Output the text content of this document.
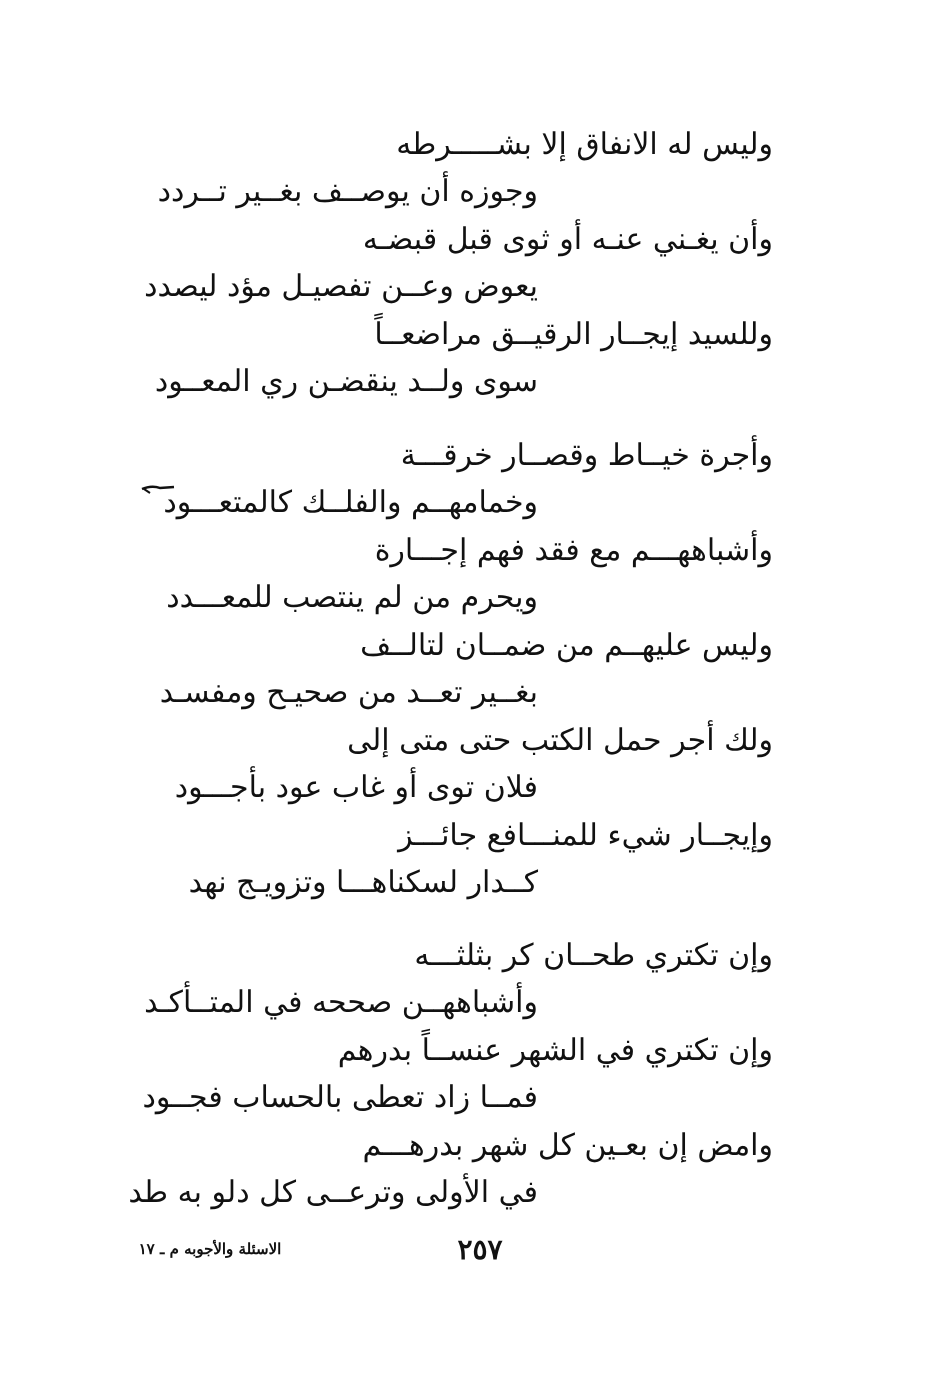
وليس له الانفاق إلا بشـــــرطه
وجوزه أن يوصــف بغــير تــردد
وأن يغـني عنـه أو ثوى قبل قبضـه
يعوض وعــن تفصيـل مؤد ليصدد
وللسيد إيجــار الرقيــق مراضعــاً
سوى ولــد ينقضـن ري المعــود
وأجرة خيــاط وقصــار خرقـــة
وخمامهــم والفلــك كالمتعـــود
وأشباههـــم مع فقد فهم إجـــارة
ويحرم من لم ينتصب للمعـــدد
وليس عليهــم من ضمــان لتالــف
بغــير تعــد من صحيـح ومفسـد
ولك أجر حمل الكتب حتى متى إلى
فلان توى أو غاب عود بأجـــود
وإيجــار شيء للمنـــافع جائـــز
كــدار لسكناهـــا وتزويـج نهد
وإن تكتري طحــان كر بثلثـــه
وأشباههــن صححه في المتــأكـد
وإن تكتري في الشهر عنســاً بدرهم
فمــا زاد تعطى بالحساب فجــود
وامض إن بعـين كل شهر بدرهـــم
في الأولى وترعــى كل دلو به طد
٢٥٧
الاسئلة والأجوبه م ـ ١٧
